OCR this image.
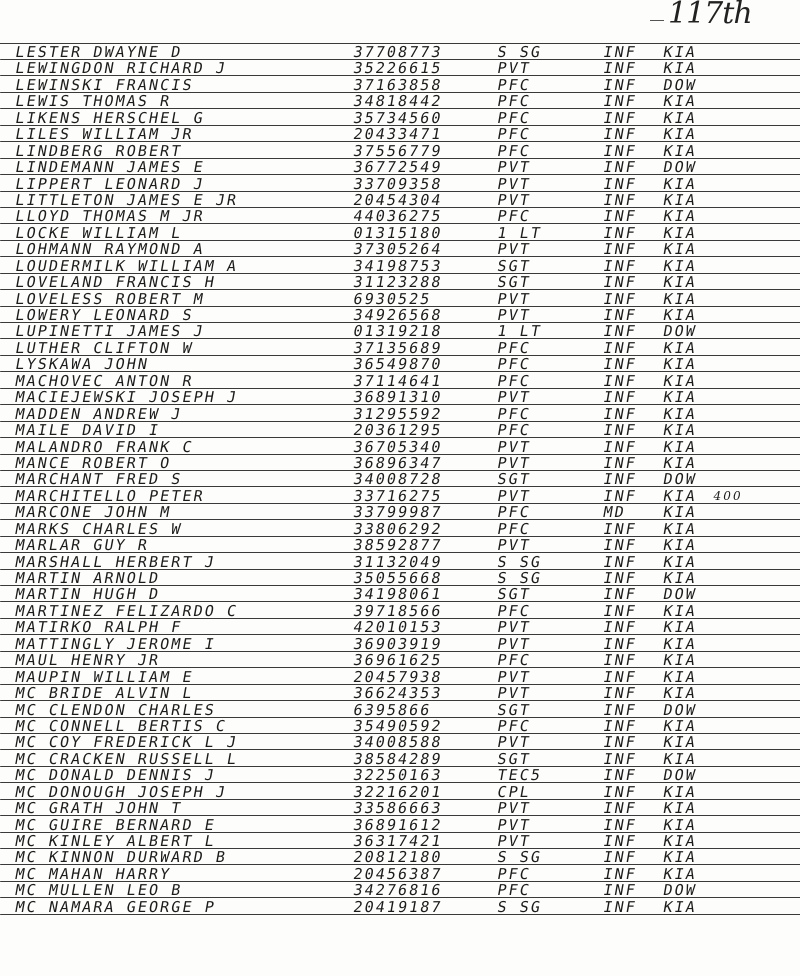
117th
LESTER DWAYNE D	37708773	S SG	INF KIA
LEWINGDON RICHARD J	35226615	PVT	INF KIA
LEWINSKI FRANCIS	37163858	PFC	INF DOW
LEWIS THOMAS R	34818442	PFC	INF KIA
LIKENS HERSCHEL G	35734560	PFC	INF KIA
LILES WILLIAM JR	20433471	PFC	INF KIA
LINDBERG ROBERT	37556779	PFC	INF KIA
LINDEMANN JAMES E	36772549	PVT	INF DOW
LIPPERT LEONARD J	33709358	PVT	INF KIA
LITTLETON JAMES E JR	20454304	PVT	INF KIA
LLOYD THOMAS M JR	44036275	PFC	INF KIA
LOCKE WILLIAM L	01315180	1 LT	INF KIA
LOHMANN RAYMOND A	37305264	PVT	INF KIA
LOUDERMILK WILLIAM A	34198753	SGT	INF KIA
LOVELAND FRANCIS H	31123288	SGT	INF KIA
LOVELESS ROBERT M	6930525	PVT	INF KIA
LOWERY LEONARD S	34926568	PVT	INF KIA
LUPINETTI JAMES J	01319218	1 LT	INF DOW
LUTHER CLIFTON W	37135689	PFC	INF KIA
LYSKAWA JOHN	36549870	PFC	INF KIA
MACHOVEC ANTON R	37114641	PFC	INF KIA
MACIEJEWSKI JOSEPH J	36891310	PVT	INF KIA
MADDEN ANDREW J	31295592	PFC	INF KIA
MAILE DAVID I	20361295	PFC	INF KIA
MALANDRO FRANK C	36705340	PVT	INF KIA
MANCE ROBERT O	36896347	PVT	INF KIA
MARCHANT FRED S	34008728	SGT	INF DOW
MARCHITELLO PETER	33716275	PVT	INF KIA 400
MARCONE JOHN M	33799987	PFC	MD KIA
MARKS CHARLES W	33806292	PFC	INF KIA
MARLAR GUY R	38592877	PVT	INF KIA
MARSHALL HERBERT J	31132049	S SG	INF KIA
MARTIN ARNOLD	35055668	S SG	INF KIA
MARTIN HUGH D	34198061	SGT	INF DOW
MARTINEZ FELIZARDO C	39718566	PFC	INF KIA
MATIRKO RALPH F	42010153	PVT	INF KIA
MATTINGLY JEROME I	36903919	PVT	INF KIA
MAUL HENRY JR	36961625	PFC	INF KIA
MAUPIN WILLIAM E	20457938	PVT	INF KIA
MC BRIDE ALVIN L	36624353	PVT	INF KIA
MC CLENDON CHARLES	6395866	SGT	INF DOW
MC CONNELL BERTIS C	35490592	PFC	INF KIA
MC COY FREDERICK L J	34008588	PVT	INF KIA
MC CRACKEN RUSSELL L	38584289	SGT	INF KIA
MC DONALD DENNIS J	32250163	TEC5	INF DOW
MC DONOUGH JOSEPH J	32216201	CPL	INF KIA
MC GRATH JOHN T	33586663	PVT	INF KIA
MC GUIRE BERNARD E	36891612	PVT	INF KIA
MC KINLEY ALBERT L	36317421	PVT	INF KIA
MC KINNON DURWARD B	20812180	S SG	INF KIA
MC MAHAN HARRY	20456387	PFC	INF KIA
MC MULLEN LEO B	34276816	PFC	INF DOW
MC NAMARA GEORGE P	20419187	S SG	INF KIA
